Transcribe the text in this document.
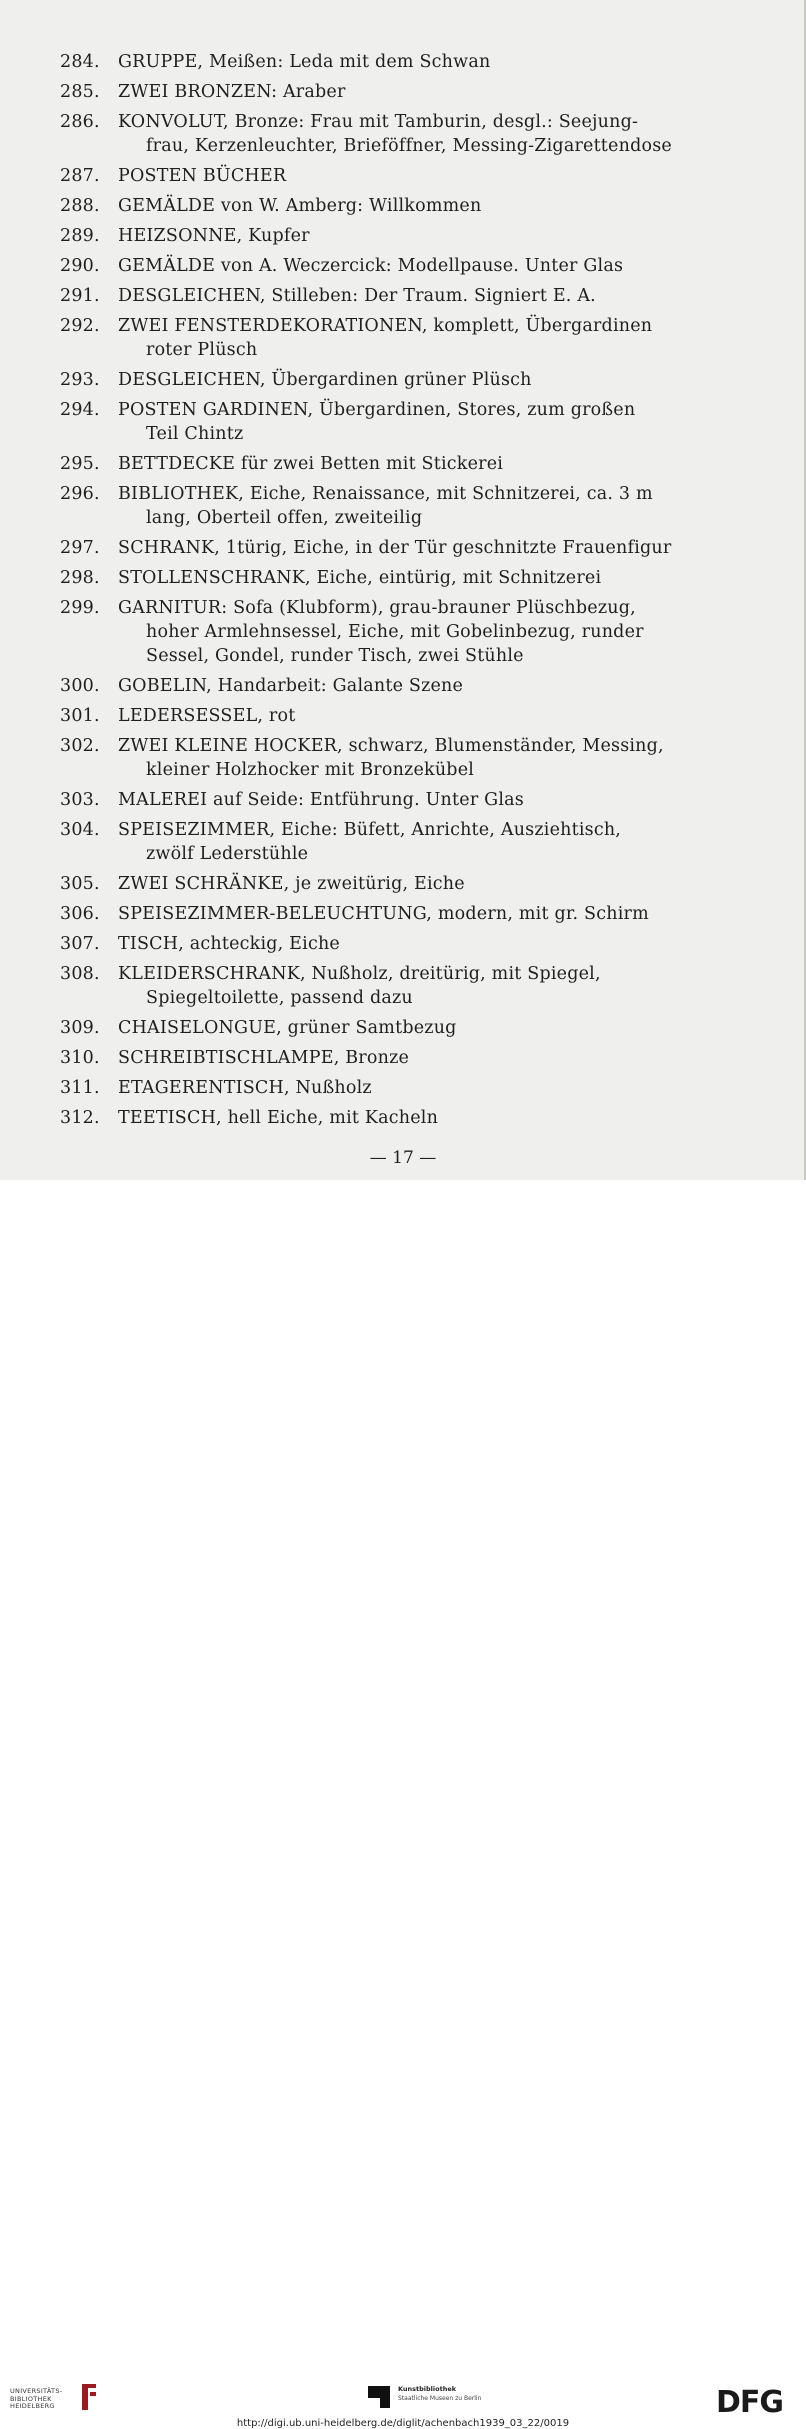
284.	GRUPPE, Meißen: Leda mit dem Schwan
285.	ZWEI BRONZEN: Araber
286.	KONVOLUT, Bronze: Frau mit Tamburin, desgl.: Seejung-
frau, Kerzenleuchter, Brieföffner, Messing-Zigarettendose
287.	POSTEN BÜCHER
288.	GEMÄLDE von W. Amberg: Willkommen
289.	HEIZSONNE, Kupfer
290.	GEMÄLDE von A. Weczercick: Modellpause. Unter Glas
291.	DESGLEICHEN, Stilleben: Der Traum. Signiert E. A.
292.	ZWEI FENSTERDEKORATIONEN, komplett, Übergardinen
roter Plüsch
293.	DESGLEICHEN, Übergardinen grüner Plüsch
294.	POSTEN GARDINEN, Übergardinen, Stores, zum großen
Teil Chintz
295.	BETTDECKE für zwei Betten mit Stickerei
296.	BIBLIOTHEK, Eiche, Renaissance, mit Schnitzerei, ca. 3 m
lang, Oberteil offen, zweiteilig
297.	SCHRANK, 1türig, Eiche, in der Tür geschnitzte Frauenfigur
298.	STOLLENSCHRANK, Eiche, eintürig, mit Schnitzerei
299.	GARNITUR: Sofa (Klubform), grau-brauner Plüschbezug,
hoher Armlehnsessel, Eiche, mit Gobelinbezug, runder
Sessel, Gondel, runder Tisch, zwei Stühle
300.	GOBELIN, Handarbeit: Galante Szene
301.	LEDERSESSEL, rot
302.	ZWEI KLEINE HOCKER, schwarz, Blumenständer, Messing,
kleiner Holzhocker mit Bronzekübel
303.	MALEREI auf Seide: Entführung. Unter Glas
304.	SPEISEZIMMER, Eiche: Büfett, Anrichte, Ausziehtisch,
zwölf Lederstühle
305.	ZWEI SCHRÄNKE, je zweitürig, Eiche
306.	SPEISEZIMMER-BELEUCHTUNG, modern, mit gr. Schirm
307.	TISCH, achteckig, Eiche
308.	KLEIDERSCHRANK, Nußholz, dreitürig, mit Spiegel,
Spiegeltoilette, passend dazu
309.	CHAISELONGUE, grüner Samtbezug
310.	SCHREIBTISCHLAMPE, Bronze
311.	ETAGERENTISCH, Nußholz
312.	TEETISCH, hell Eiche, mit Kacheln
— 17 —
UNIVERSITÄTS-
BIBLIOTHEK
HEIDELBERG
Kunstbibliothek
Staatliche Museen zu Berlin	DFG
http://digi.ub.uni-heidelberg.de/diglit/achenbach1939_03_22/0019
